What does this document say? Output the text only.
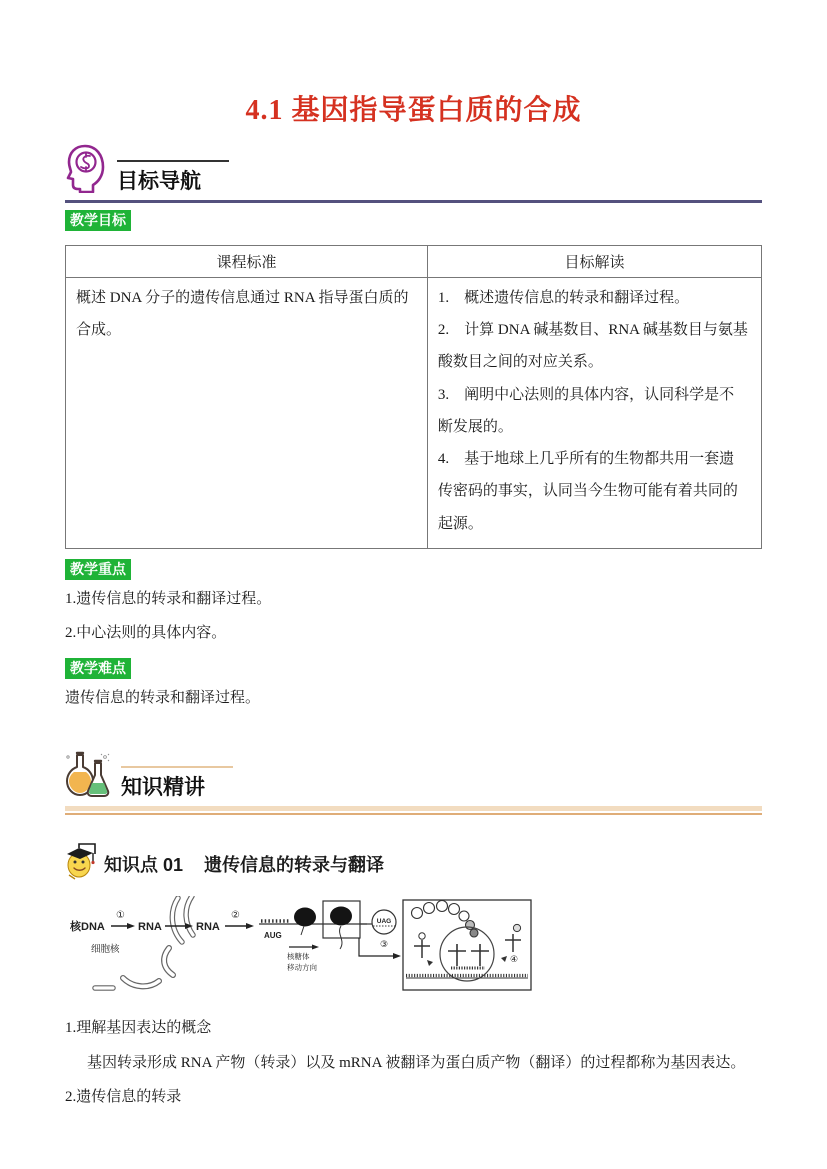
4.1 基因指导蛋白质的合成
目标导航
教学目标
课程标准	目标解读

概述 DNA 分子的遗传信息通过 RNA 指导蛋白质的合成。	1.　概述遗传信息的转录和翻译过程。

2.　计算 DNA 碱基数目、RNA 碱基数目与氨基酸数目之间的对应关系。

3.　阐明中心法则的具体内容，认同科学是不断发展的。

4.　基于地球上几乎所有的生物都共用一套遗传密码的事实，认同当今生物可能有着共同的起源。

教学重点

1.遗传信息的转录和翻译过程。

2.中心法则的具体内容。

教学难点

遗传信息的转录和翻译过程。

知识精讲
知识点 01 遗传信息的转录与翻译
核DNA
①
RNA
细胞核
RNA
②
AUG
核糖体
移动方向
UAG
③
④

1.理解基因表达的概念

基因转录形成 RNA 产物（转录）以及 mRNA 被翻译为蛋白质产物（翻译）的过程都称为基因表达。

2.遗传信息的转录
